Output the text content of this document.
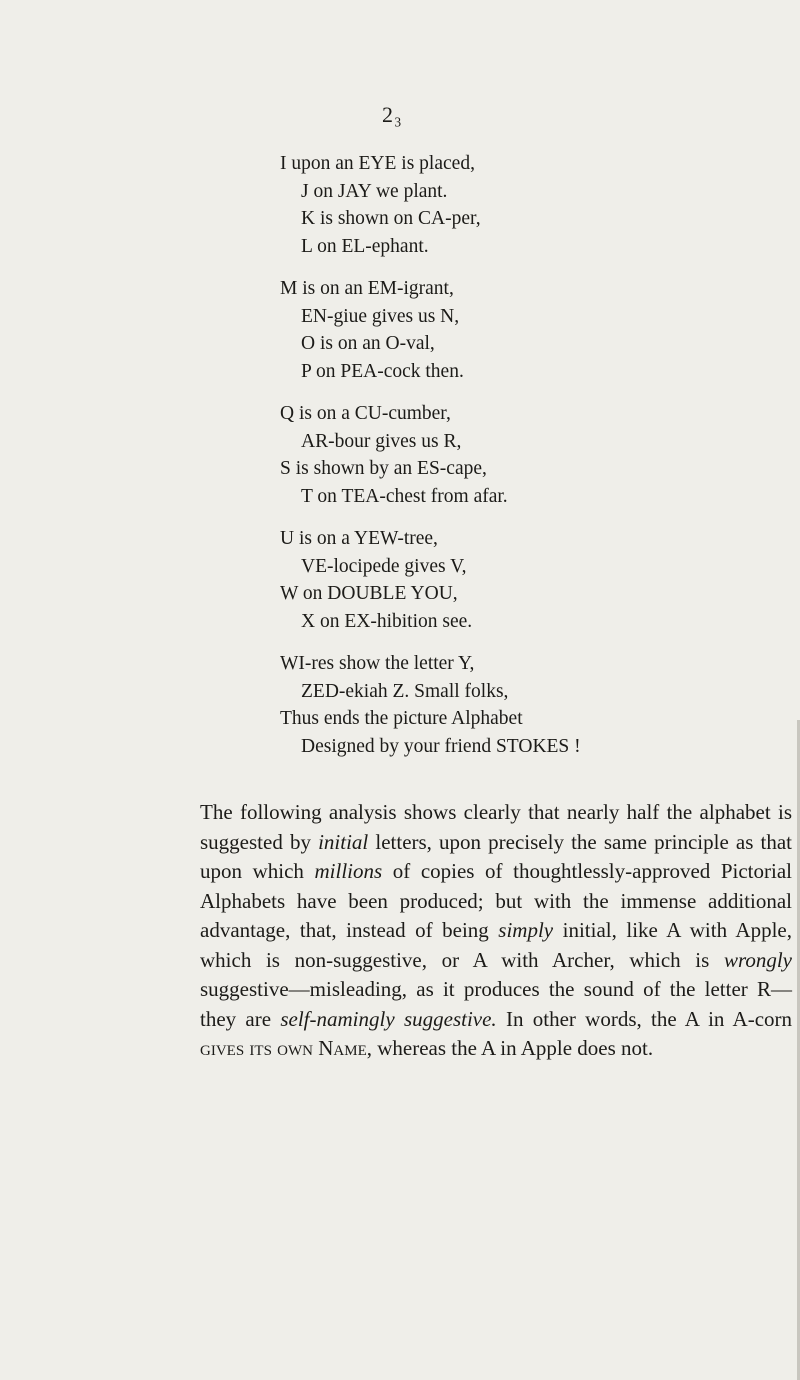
2₃
I upon an EYE is placed,
J on JAY we plant.
K is shown on CA-per,
L on EL-ephant.
M is on an EM-igrant,
EN-giue gives us N,
O is on an O-val,
P on PEA-cock then.
Q is on a CU-cumber,
AR-bour gives us R,
S is shown by an ES-cape,
T on TEA-chest from afar.
U is on a YEW-tree,
VE-locipede gives V,
W on DOUBLE YOU,
X on EX-hibition see.
WI-res show the letter Y,
ZED-ekiah Z. Small folks,
Thus ends the picture Alphabet
Designed by your friend STOKES !

The following analysis shows clearly that nearly half the alphabet is suggested by initial letters, upon precisely the same principle as that upon which millions of copies of thoughtlessly-approved Pictorial Alphabets have been produced; but with the immense additional advantage, that, instead of being simply initial, like A with Apple, which is non-suggestive, or A with Archer, which is wrongly suggestive—misleading, as it produces the sound of the letter R— they are self-namingly suggestive. In other words, the A in A-corn gives its own Name, whereas the A in Apple does not.
